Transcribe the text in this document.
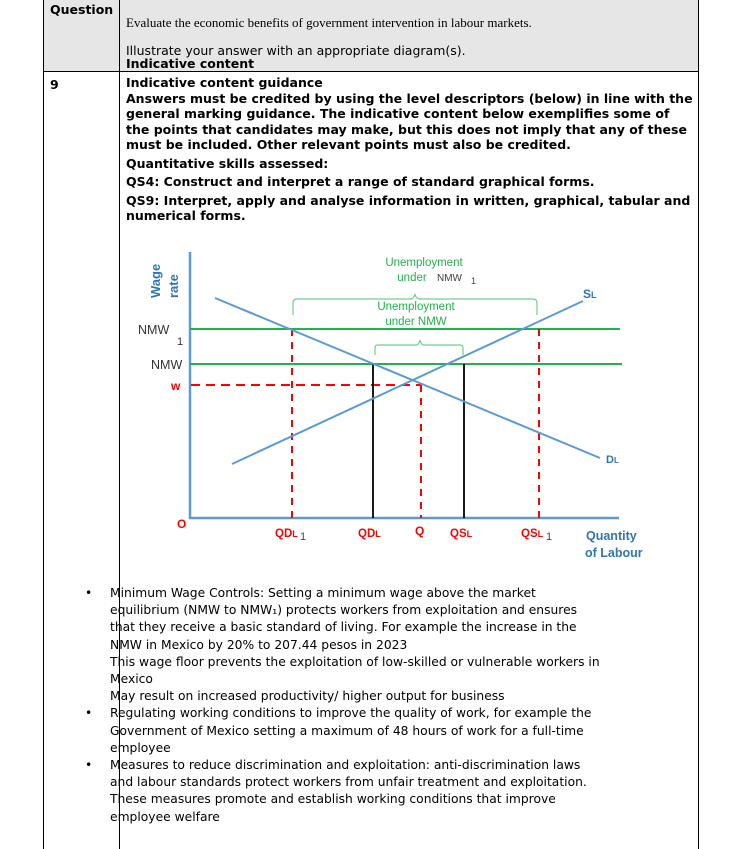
Question
Evaluate the economic benefits of government intervention in labour markets.
Illustrate your answer with an appropriate diagram(s).
Indicative content
9	Indicative content guidance

Answers must be credited by using the level descriptors (below) in line with the general marking guidance. The indicative content below exemplifies some of the points that candidates may make, but this does not imply that any of these must be included. Other relevant points must also be credited.

Quantitative skills assessed:

QS4: Construct and interpret a range of standard graphical forms.

QS9: Interpret, apply and analyse information in written, graphical, tabular and numerical forms.

Wage rate
Unemployment
under NMW 1
Unemployment
under NMW
NMW
1
NMW
w
O
SL
DL
QDL 1	QDL	Q QSL	QSL 1	Quantity
of Labour
• Minimum Wage Controls: Setting a minimum wage above the market equilibrium (NMW to NMW₁) protects workers from exploitation and ensures that they receive a basic standard of living. For example the increase in the NMW in Mexico by 20% to 207.44 pesos in 2023
This wage floor prevents the exploitation of low-skilled or vulnerable workers in Mexico
May result on increased productivity/ higher output for business
• Regulating working conditions to improve the quality of work, for example the Government of Mexico setting a maximum of 48 hours of work for a full-time employee
• Measures to reduce discrimination and exploitation: anti-discrimination laws and labour standards protect workers from unfair treatment and exploitation. These measures promote and establish working conditions that improve employee welfare
